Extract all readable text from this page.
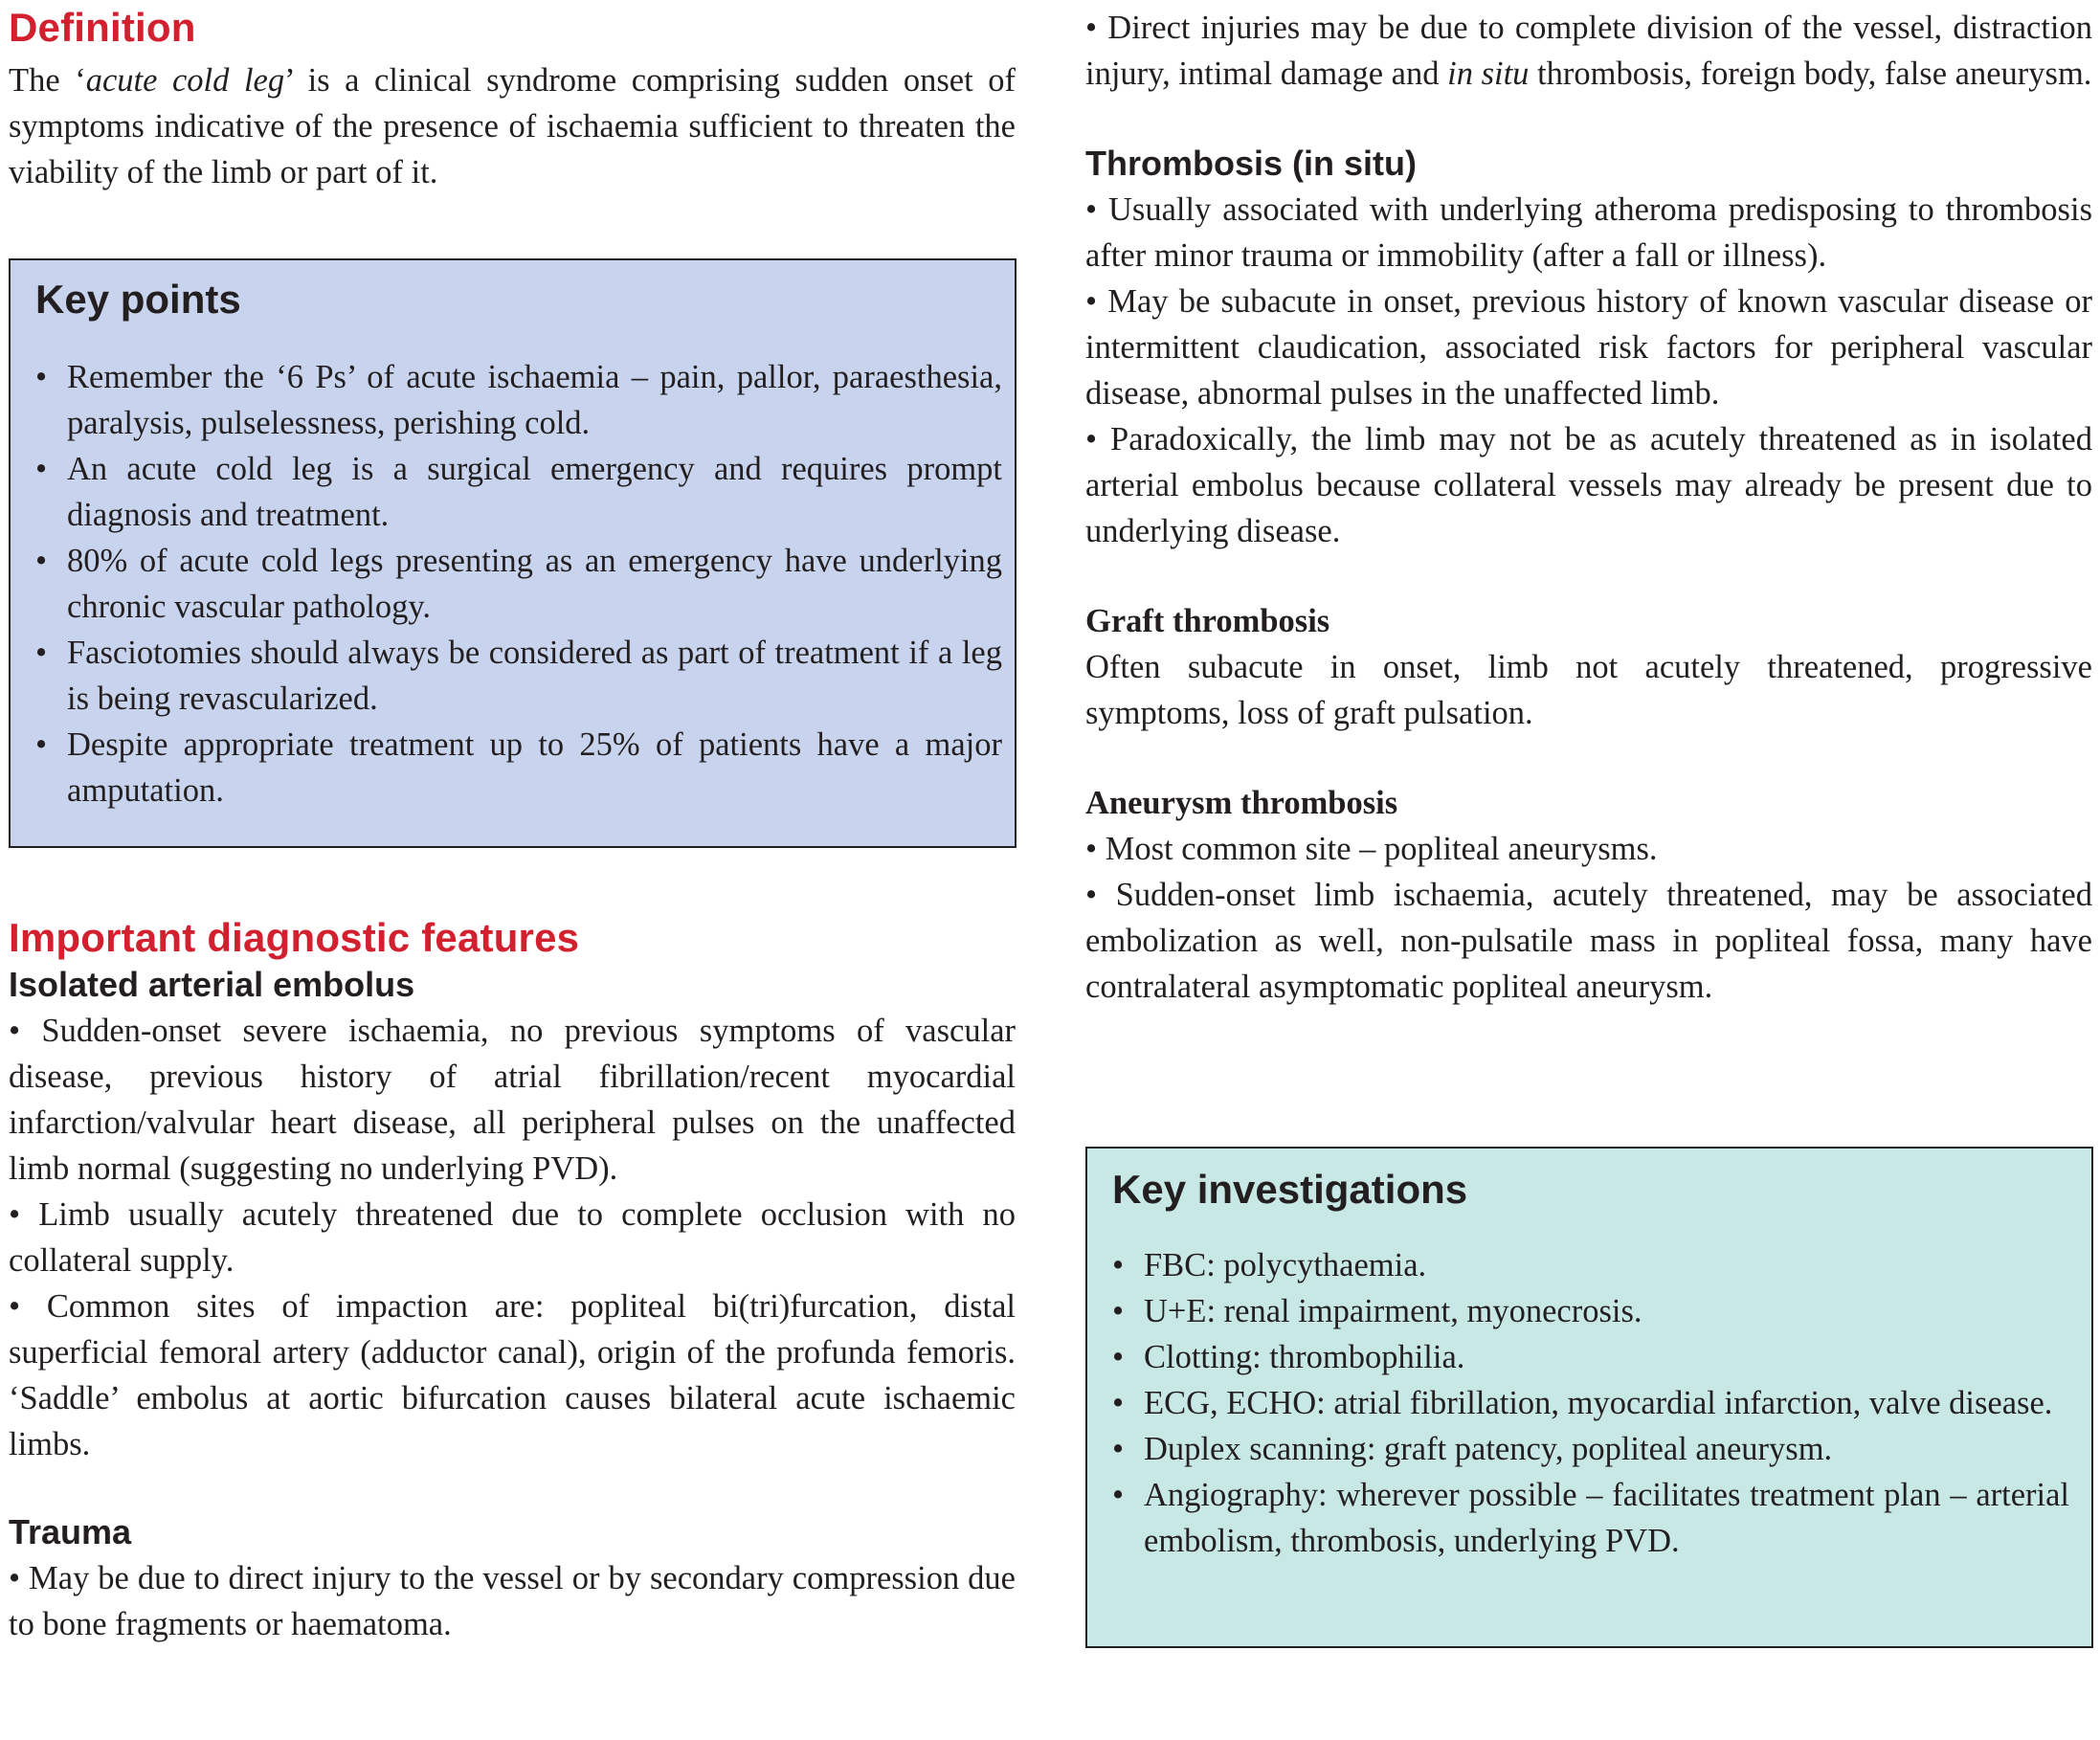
Definition

The ‘acute cold leg’ is a clinical syndrome comprising sudden onset of symptoms indicative of the presence of ischaemia sufficient to threaten the viability of the limb or part of it.

Key points
• Remember the ‘6 Ps’ of acute ischaemia – pain, pallor, paraesthesia, paralysis, pulselessness, perishing cold.
• An acute cold leg is a surgical emergency and requires prompt diagnosis and treatment.
• 80% of acute cold legs presenting as an emergency have underlying chronic vascular pathology.
• Fasciotomies should always be considered as part of treatment if a leg is being revascularized.
• Despite appropriate treatment up to 25% of patients have a major amputation.
Important diagnostic features
Isolated arterial embolus

• Sudden-onset severe ischaemia, no previous symptoms of vascular disease, previous history of atrial fibrillation/recent myocardial infarction/valvular heart disease, all peripheral pulses on the unaffected limb normal (suggesting no underlying PVD).

• Limb usually acutely threatened due to complete occlusion with no collateral supply.

• Common sites of impaction are: popliteal bi(tri)furcation, distal superficial femoral artery (adductor canal), origin of the profunda femoris. ‘Saddle’ embolus at aortic bifurcation causes bilateral acute ischaemic limbs.

Trauma

• May be due to direct injury to the vessel or by secondary compression due to bone fragments or haematoma.

• Direct injuries may be due to complete division of the vessel, distraction injury, intimal damage and in situ thrombosis, foreign body, false aneurysm.

Thrombosis (in situ)

• Usually associated with underlying atheroma predisposing to thrombosis after minor trauma or immobility (after a fall or illness).

• May be subacute in onset, previous history of known vascular disease or intermittent claudication, associated risk factors for peripheral vascular disease, abnormal pulses in the unaffected limb.

• Paradoxically, the limb may not be as acutely threatened as in isolated arterial embolus because collateral vessels may already be present due to underlying disease.

Graft thrombosis

Often subacute in onset, limb not acutely threatened, progressive symptoms, loss of graft pulsation.

Aneurysm thrombosis

• Most common site – popliteal aneurysms.

• Sudden-onset limb ischaemia, acutely threatened, may be associated embolization as well, non-pulsatile mass in popliteal fossa, many have contralateral asymptomatic popliteal aneurysm.

Key investigations
• FBC: polycythaemia.
• U+E: renal impairment, myonecrosis.
• Clotting: thrombophilia.
• ECG, ECHO: atrial fibrillation, myocardial infarction, valve disease.
• Duplex scanning: graft patency, popliteal aneurysm.
• Angiography: wherever possible – facilitates treatment plan – arterial embolism, thrombosis, underlying PVD.
